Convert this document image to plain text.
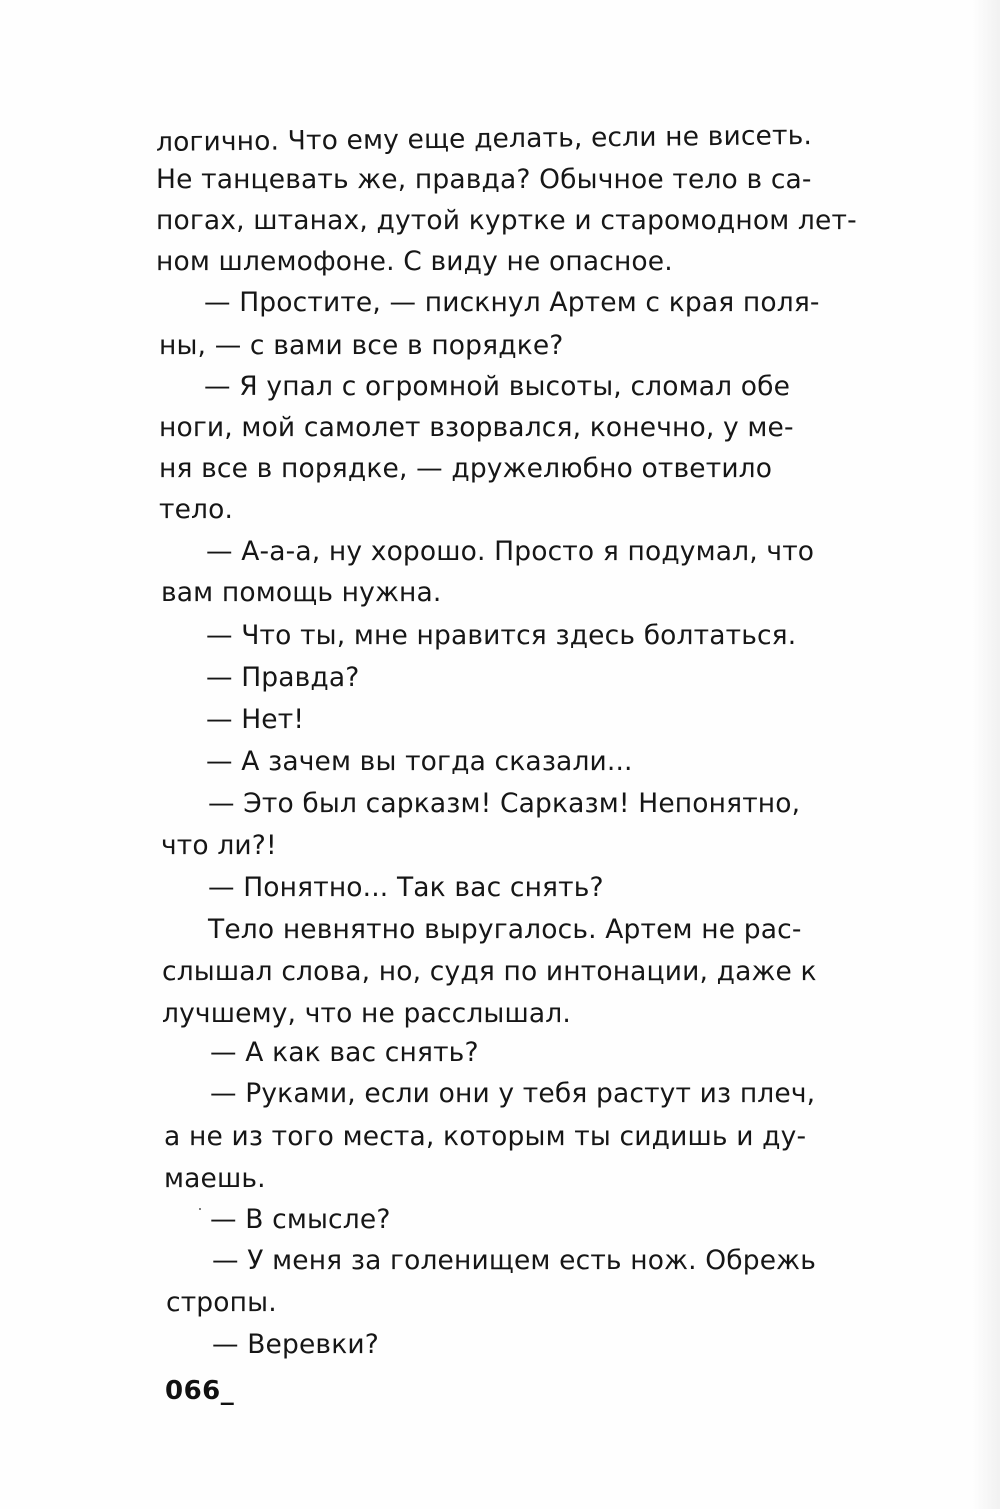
логично. Что ему еще делать, если не висеть.
Не танцевать же, правда? Обычное тело в са-
погах, штанах, дутой куртке и старомодном лет-
ном шлемофоне. С виду не опасное.
— Простите, — пискнул Артем с края поля-
ны, — с вами все в порядке?
— Я упал с огромной высоты, сломал обе
ноги, мой самолет взорвался, конечно, у ме-
ня все в порядке, — дружелюбно ответило
тело.
— А-а-а, ну хорошо. Просто я подумал, что
вам помощь нужна.
— Что ты, мне нравится здесь болтаться.
— Правда?
— Нет!
— А зачем вы тогда сказали...
— Это был сарказм! Сарказм! Непонятно,
что ли?!
— Понятно... Так вас снять?
Тело невнятно выругалось. Артем не рас-
слышал слова, но, судя по интонации, даже к
лучшему, что не расслышал.
— А как вас снять?
— Руками, если они у тебя растут из плеч,
а не из того места, которым ты сидишь и ду-
маешь.
— В смысле?
— У меня за голенищем есть нож. Обрежь
стропы.
— Веревки?
066_
